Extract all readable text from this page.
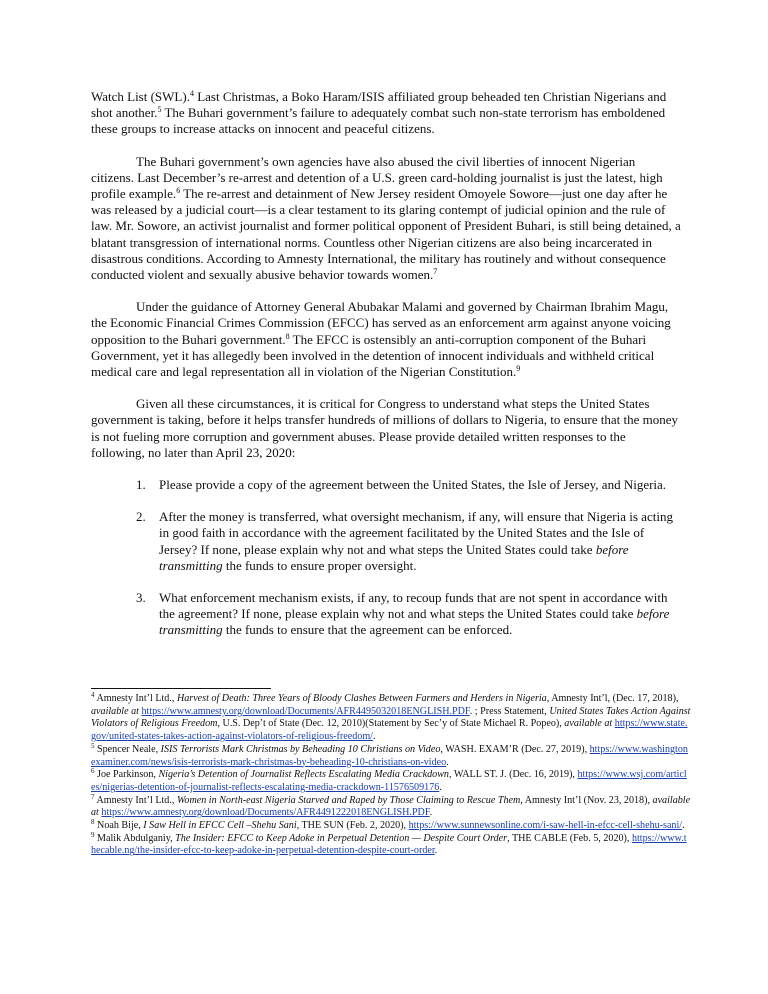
Watch List (SWL).$^4$ Last Christmas, a Boko Haram/ISIS affiliated group beheaded ten Christian Nigerians and shot another.$^5$ The Buhari government’s failure to adequately combat such non-state terrorism has emboldened these groups to increase attacks on innocent and peaceful citizens.

The Buhari government’s own agencies have also abused the civil liberties of innocent Nigerian citizens. Last December’s re-arrest and detention of a U.S. green card-holding journalist is just the latest, high profile example.$^6$ The re-arrest and detainment of New Jersey resident Omoyele Sowore—just one day after he was released by a judicial court—is a clear testament to its glaring contempt of judicial opinion and the rule of law. Mr. Sowore, an activist journalist and former political opponent of President Buhari, is still being detained, a blatant transgression of international norms. Countless other Nigerian citizens are also being incarcerated in disastrous conditions. According to Amnesty International, the military has routinely and without consequence conducted violent and sexually abusive behavior towards women.$^7$

Under the guidance of Attorney General Abubakar Malami and governed by Chairman Ibrahim Magu, the Economic Financial Crimes Commission (EFCC) has served as an enforcement arm against anyone voicing opposition to the Buhari government.$^8$ The EFCC is ostensibly an anti-corruption component of the Buhari Government, yet it has allegedly been involved in the detention of innocent individuals and withheld critical medical care and legal representation all in violation of the Nigerian Constitution.$^9$

Given all these circumstances, it is critical for Congress to understand what steps the United States government is taking, before it helps transfer hundreds of millions of dollars to Nigeria, to ensure that the money is not fueling more corruption and government abuses. Please provide detailed written responses to the following, no later than April 23, 2020:

1. Please provide a copy of the agreement between the United States, the Isle of Jersey, and Nigeria.
2. After the money is transferred, what oversight mechanism, if any, will ensure that Nigeria is acting in good faith in accordance with the agreement facilitated by the United States and the Isle of Jersey? If none, please explain why not and what steps the United States could take before transmitting the funds to ensure proper oversight.
3. What enforcement mechanism exists, if any, to recoup funds that are not spent in accordance with the agreement? If none, please explain why not and what steps the United States could take before transmitting the funds to ensure that the agreement can be enforced.

$^4$ Amnesty Int’l Ltd., Harvest of Death: Three Years of Bloody Clashes Between Farmers and Herders in Nigeria, Amnesty Int’l, (Dec. 17, 2018), available at https://www.amnesty.org/download/Documents/AFR4495032018ENGLISH.PDF. ; Press Statement, United States Takes Action Against Violators of Religious Freedom, U.S. Dep’t of State (Dec. 12, 2010)(Statement by Sec’y of State Michael R. Popeo), available at https://www.state.gov/united-states-takes-action-against-violators-of-religious-freedom/.

$^5$ Spencer Neale, ISIS Terrorists Mark Christmas by Beheading 10 Christians on Video, WASH. EXAM’R (Dec. 27, 2019), https://www.washingtonexaminer.com/news/isis-terrorists-mark-christmas-by-beheading-10-christians-on-video.

$^6$ Joe Parkinson, Nigeria’s Detention of Journalist Reflects Escalating Media Crackdown, WALL ST. J. (Dec. 16, 2019), https://www.wsj.com/articles/nigerias-detention-of-journalist-reflects-escalating-media-crackdown-11576509176.

$^7$ Amnesty Int’l Ltd., Women in North-east Nigeria Starved and Raped by Those Claiming to Rescue Them, Amnesty Int’l (Nov. 23, 2018), available at https://www.amnesty.org/download/Documents/AFR4491222018ENGLISH.PDF.

$^8$ Noah Bije, I Saw Hell in EFCC Cell –Shehu Sani, THE SUN (Feb. 2, 2020), https://www.sunnewsonline.com/i-saw-hell-in-efcc-cell-shehu-sani/.

$^9$ Malik Abdulganiy, The Insider: EFCC to Keep Adoke in Perpetual Detention — Despite Court Order, THE CABLE (Feb. 5, 2020), https://www.thecable.ng/the-insider-efcc-to-keep-adoke-in-perpetual-detention-despite-court-order.
